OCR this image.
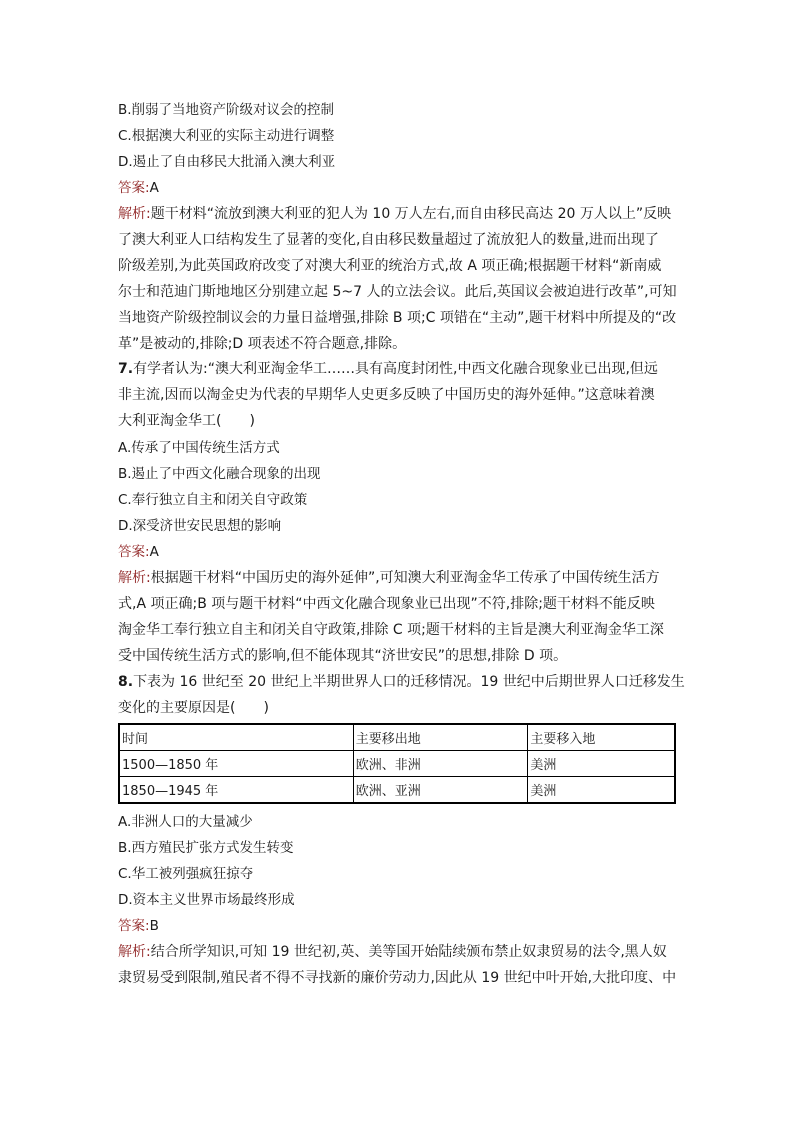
B.削弱了当地资产阶级对议会的控制
C.根据澳大利亚的实际主动进行调整
D.遏止了自由移民大批涌入澳大利亚
答案:A
解析:题干材料“流放到澳大利亚的犯人为 10 万人左右,而自由移民高达 20 万人以上”反映
了澳大利亚人口结构发生了显著的变化,自由移民数量超过了流放犯人的数量,进而出现了
阶级差别,为此英国政府改变了对澳大利亚的统治方式,故 A 项正确;根据题干材料“新南威
尔士和范迪门斯地地区分别建立起 5~7 人的立法会议。此后,英国议会被迫进行改革”,可知
当地资产阶级控制议会的力量日益增强,排除 B 项;C 项错在“主动”,题干材料中所提及的“改
革”是被动的,排除;D 项表述不符合题意,排除。
7.有学者认为:“澳大利亚淘金华工……具有高度封闭性,中西文化融合现象业已出现,但远
非主流,因而以淘金史为代表的早期华人史更多反映了中国历史的海外延伸。”这意味着澳
大利亚淘金华工(　　)
A.传承了中国传统生活方式
B.遏止了中西文化融合现象的出现
C.奉行独立自主和闭关自守政策
D.深受济世安民思想的影响
答案:A
解析:根据题干材料“中国历史的海外延伸”,可知澳大利亚淘金华工传承了中国传统生活方
式,A 项正确;B 项与题干材料“中西文化融合现象业已出现”不符,排除;题干材料不能反映
淘金华工奉行独立自主和闭关自守政策,排除 C 项;题干材料的主旨是澳大利亚淘金华工深
受中国传统生活方式的影响,但不能体现其“济世安民”的思想,排除 D 项。
8.下表为 16 世纪至 20 世纪上半期世界人口的迁移情况。19 世纪中后期世界人口迁移发生
变化的主要原因是(　　)
时间	主要移出地	主要移入地
1500—1850 年	欧洲、非洲	美洲
1850—1945 年	欧洲、亚洲	美洲
A.非洲人口的大量减少
B.西方殖民扩张方式发生转变
C.华工被列强疯狂掠夺
D.资本主义世界市场最终形成
答案:B
解析:结合所学知识,可知 19 世纪初,英、美等国开始陆续颁布禁止奴隶贸易的法令,黑人奴
隶贸易受到限制,殖民者不得不寻找新的廉价劳动力,因此从 19 世纪中叶开始,大批印度、中
